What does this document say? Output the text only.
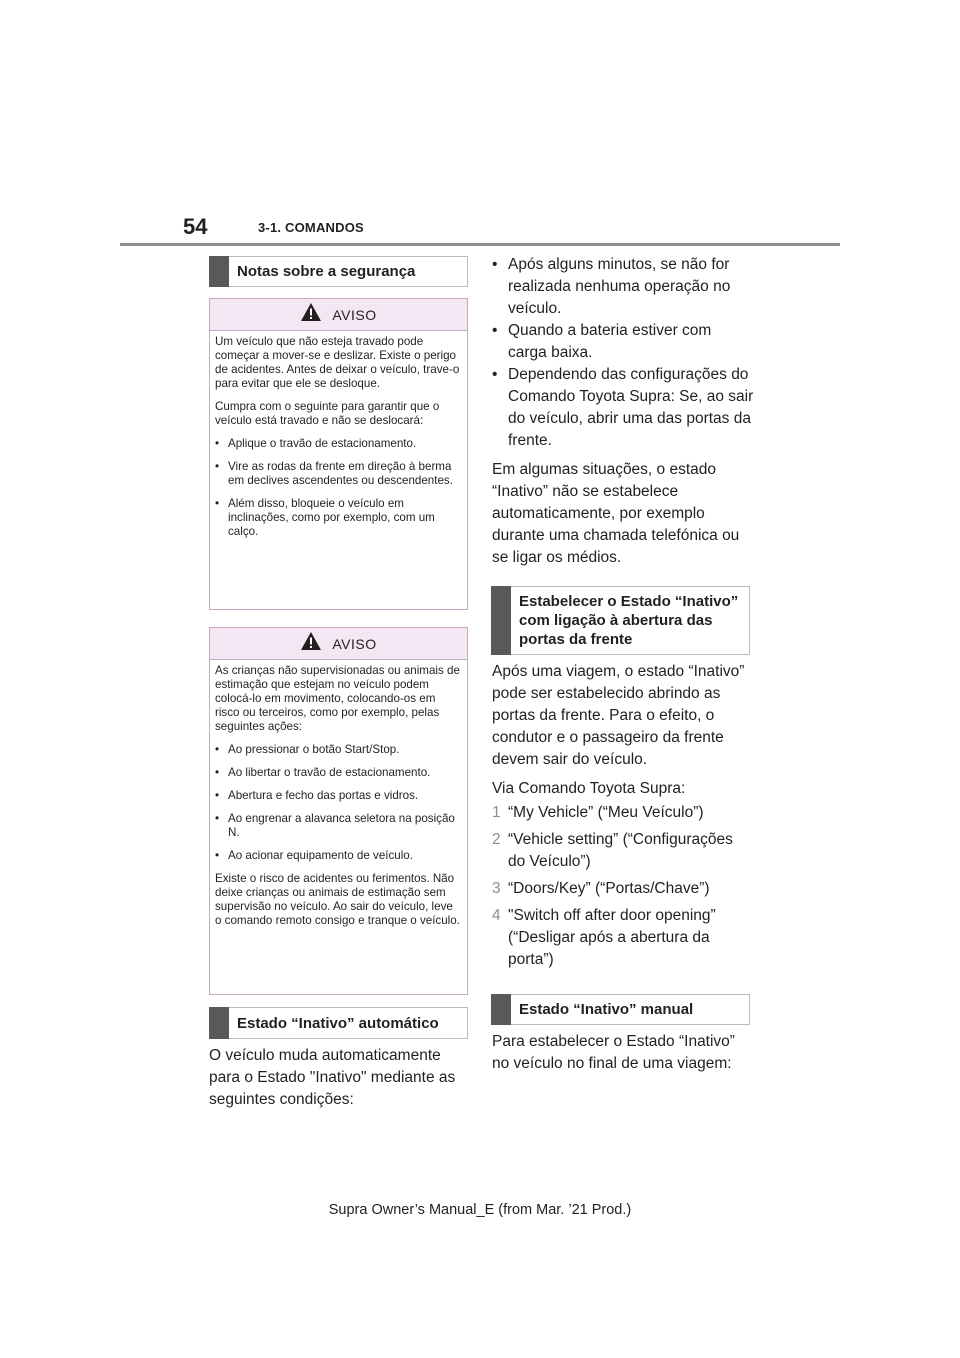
54	3-1. COMANDOS
Notas sobre a segurança
AVISO

Um veículo que não esteja travado pode começar a mover-se e deslizar. Existe o perigo de acidentes. Antes de deixar o veículo, trave-o para evitar que ele se desloque.

Cumpra com o seguinte para garantir que o veículo está travado e não se deslocará:

• Aplique o travão de estacionamento.
• Vire as rodas da frente em direção à berma em declives ascendentes ou descendentes.
• Além disso, bloqueie o veículo em inclinações, como por exemplo, com um calço.
AVISO

As crianças não supervisionadas ou animais de estimação que estejam no veículo podem colocá-lo em movimento, colocando-os em risco ou terceiros, como por exemplo, pelas seguintes ações:

• Ao pressionar o botão Start/Stop.
• Ao libertar o travão de estacionamento.
• Abertura e fecho das portas e vidros.
• Ao engrenar a alavanca seletora na posição N.
• Ao acionar equipamento de veículo.

Existe o risco de acidentes ou ferimentos. Não deixe crianças ou animais de estimação sem supervisão no veículo. Ao sair do veículo, leve o comando remoto consigo e tranque o veículo.

Estado “Inativo” automático

O veículo muda automaticamente para o Estado "Inativo" mediante as seguintes condições:

• Após alguns minutos, se não for realizada nenhuma operação no veículo.
• Quando a bateria estiver com carga baixa.
• Dependendo das configurações do Comando Toyota Supra: Se, ao sair do veículo, abrir uma das portas da frente.

Em algumas situações, o estado “Inativo” não se estabelece automaticamente, por exemplo durante uma chamada telefónica ou se ligar os médios.

Estabelecer o Estado “Inativo” com ligação à abertura das portas da frente

Após uma viagem, o estado “Inativo” pode ser estabelecido abrindo as portas da frente. Para o efeito, o condutor e o passageiro da frente devem sair do veículo.

Via Comando Toyota Supra:

1 “My Vehicle” (“Meu Veículo”)
2 “Vehicle setting” (“Configurações do Veículo”)
3 “Doors/Key” (“Portas/Chave”)
4 "Switch off after door opening” (“Desligar após a abertura da porta”)
Estado “Inativo” manual

Para estabelecer o Estado “Inativo” no veículo no final de uma viagem:

Supra Owner’s Manual_E (from Mar. ’21 Prod.)
